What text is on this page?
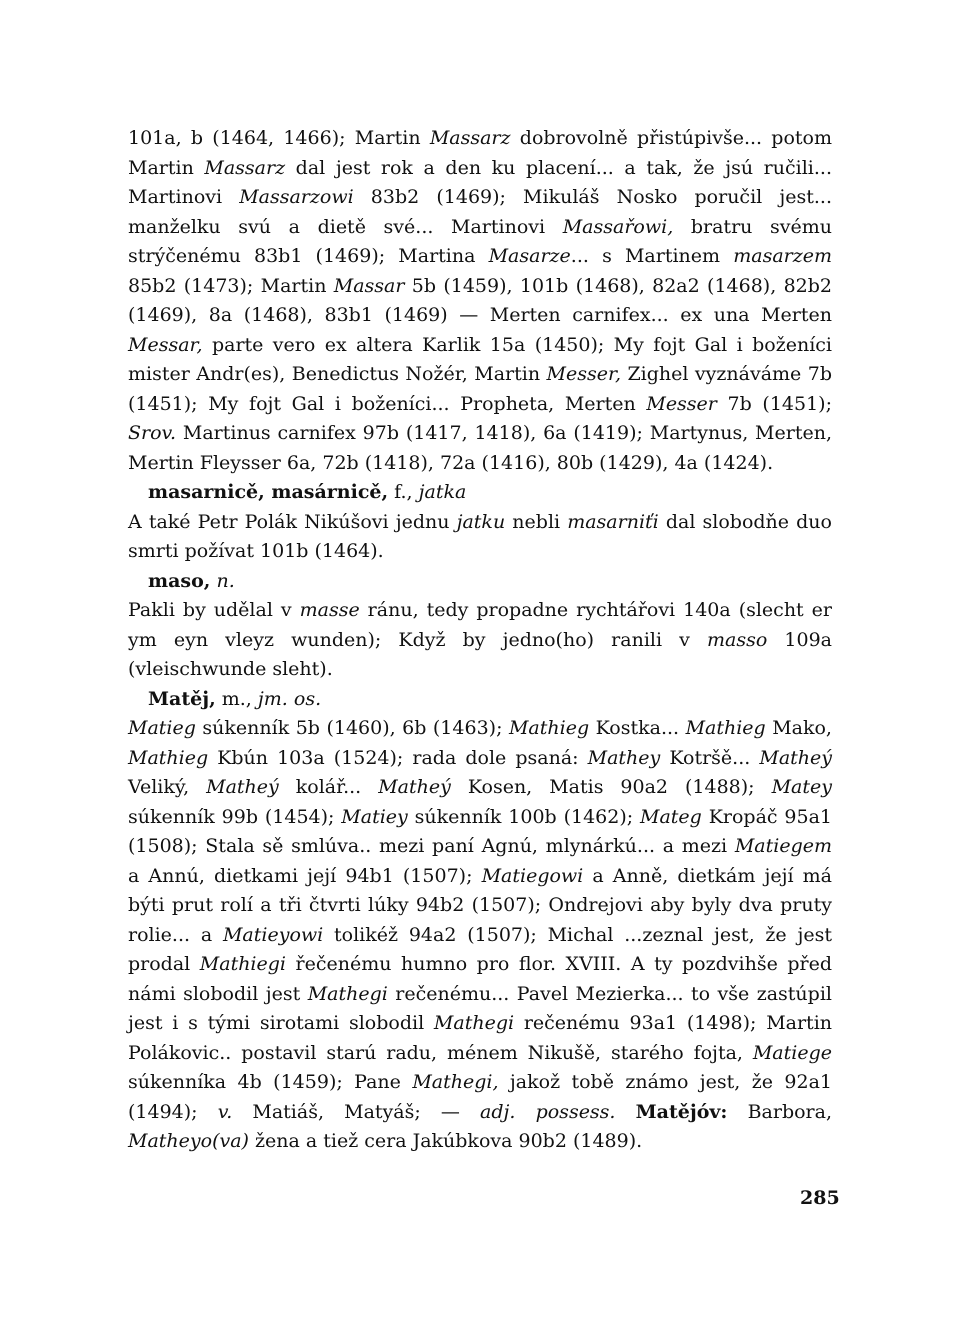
101a, b (1464, 1466); Martin Massarz dobrovolně přistúpivše... potom Martin Massarz dal jest rok a den ku placení... a tak, že jsú ručili... Martinovi Massarzowi 83b2 (1469); Mikuláš Nosko poručil jest... manželku svú a dietě své... Martinovi Massařowi, bratru svému strýčenému 83b1 (1469); Martina Masarze... s Martinem masarzem 85b2 (1473); Martin Massar 5b (1459), 101b (1468), 82a2 (1468), 82b2 (1469), 8a (1468), 83b1 (1469) — Merten carnifex... ex una Merten Messar, parte vero ex altera Karlik 15a (1450); My fojt Gal i boženíci mister Andr(es), Benedictus Nožér, Martin Messer, Zighel vyznáváme 7b (1451); My fojt Gal i boženíci... Propheta, Merten Messer 7b (1451); Srov. Martinus carnifex 97b (1417, 1418), 6a (1419); Martynus, Merten, Mertin Fleysser 6a, 72b (1418), 72a (1416), 80b (1429), 4a (1424).

masarnicě, masárnicě, f., jatka

A také Petr Polák Nikúšovi jednu jatku nebli masarniťi dal slobodňe duo smrti požívat 101b (1464).

maso, n.

Pakli by udělal v masse ránu, tedy propadne rychtářovi 140a (slecht er ym eyn vleyz wunden); Když by jedno(ho) ranili v masso 109a (vleischwunde sleht).

Matěj, m., jm. os.

Matieg súkenník 5b (1460), 6b (1463); Mathieg Kostka... Mathieg Mako, Mathieg Kbún 103a (1524); rada dole psaná: Mathey Kotršě... Matheý Veliký, Matheý kolář... Matheý Kosen, Matis 90a2 (1488); Matey súkenník 99b (1454); Matiey súkenník 100b (1462); Mateg Kropáč 95a1 (1508); Stala sě smlúva.. mezi paní Agnú, mlynárkú... a mezi Matiegem a Annú, dietkami její 94b1 (1507); Matiegowi a Anně, dietkám její má býti prut rolí a tři čtvrti lúky 94b2 (1507); Ondrejovi aby byly dva pruty rolie... a Matieyowi tolikéž 94a2 (1507); Michal ...zeznal jest, že jest prodal Mathiegi řečenému humno pro flor. XVIII. A ty pozdvihše před námi slobodil jest Mathegi rečenému... Pavel Mezierka... to vše zastúpil jest i s tými sirotami slobodil Mathegi rečenému 93a1 (1498); Martin Polákovic.. postavil starú radu, ménem Nikušě, starého fojta, Matiege súkenníka 4b (1459); Pane Mathegi, jakož tobě známo jest, že 92a1 (1494); v. Matiáš, Matyáš; — adj. possess. Matějóv: Barbora, Matheyo(va) žena a tiež cera Jakúbkova 90b2 (1489).

285
